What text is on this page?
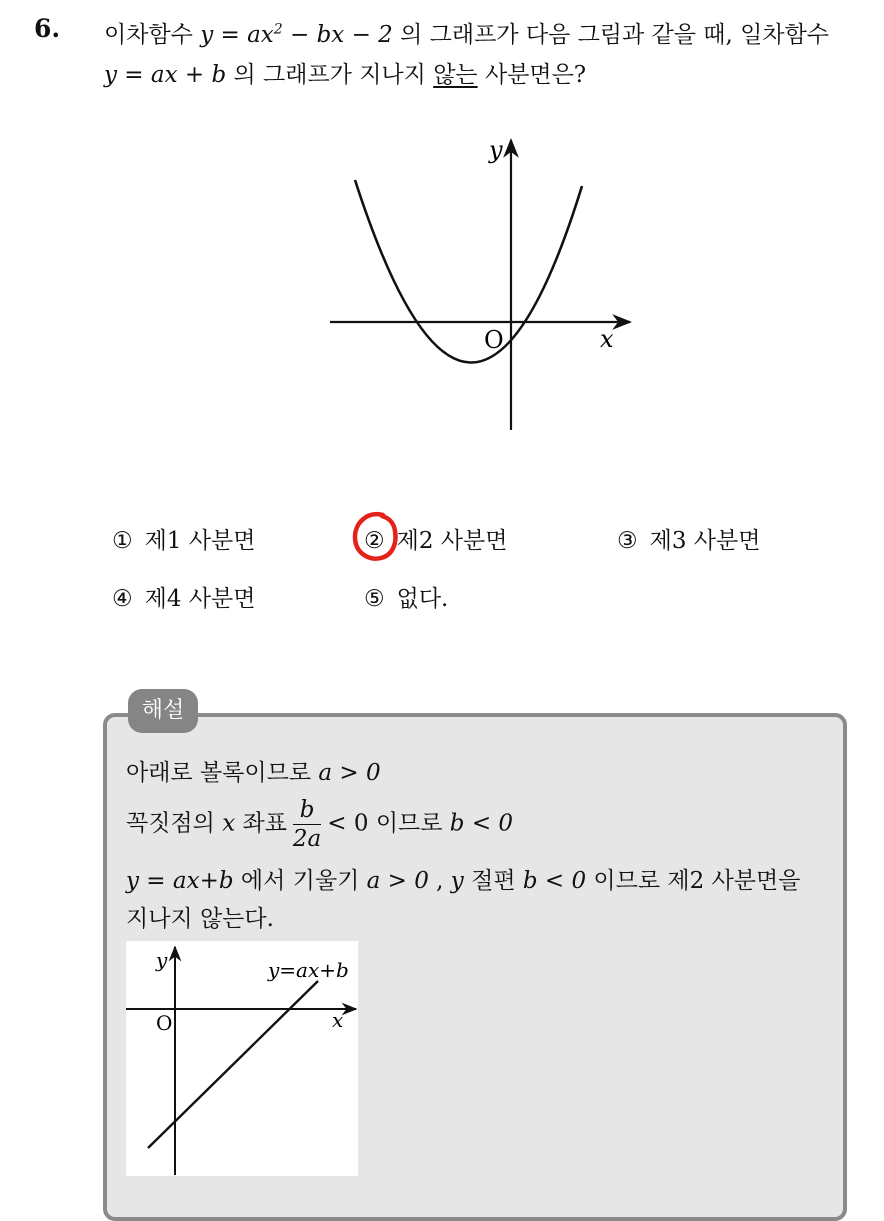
6. 이차함수 $y = ax^2$ − bx − 2 의 그래프가 다음 그림과 같을 때, 일차함수
y = ax + b 의 그래프가 지나지 않는 사분면은?
y
x
O
① 제1 사분면	② 제2 사분면	③ 제3 사분면
④ 제4 사분면	⑤ 없다.
해설
아래로 볼록이므로 a > 0
꼭짓점의 x 좌표 $\frac{b}{2a} < 0$ 이므로 b < 0
y = ax+b 에서 기울기 a > 0 , y 절편 b < 0 이므로 제2 사분면을
지나지 않는다.
y
x
O
y=ax+b
